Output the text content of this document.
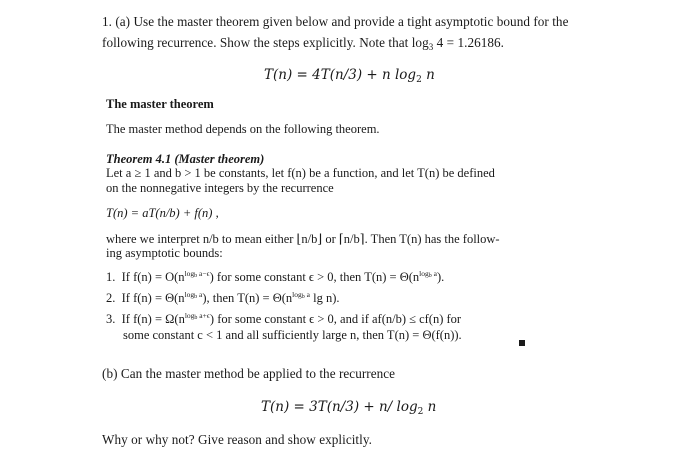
1. (a) Use the master theorem given below and provide a tight asymptotic bound for the
following recurrence. Show the steps explicitly. Note that $\log_3 4 = 1.26186$.
T(n) = 4T(n/3) + n $\log_2 n$
The master theorem
The master method depends on the following theorem.
Theorem 4.1 (Master theorem)
Let a ≥ 1 and b > 1 be constants, let f(n) be a function, and let T(n) be defined
on the nonnegative integers by the recurrence
T(n) = aT(n/b) + f(n) ,
where we interpret n/b to mean either ⌊n/b⌋ or ⌈n/b⌉. Then T(n) has the follow-
ing asymptotic bounds:
1. If $f(n) = O(n^{log_b a-\epsilon})$ for some constant ϵ > 0, then $T(n) = \Theta(n^{log_b a})$.
2. If $f(n) = \Theta(n^{log_b a})$, then $T(n) = \Theta(n^{log_b a}$ lg n).
3. If $f(n) = \Omega(n^{log_b a+\epsilon})$ for some constant ϵ > 0, and if af(n/b) ≤ cf(n) for
some constant c < 1 and all sufficiently large n, then T(n) = Θ(f(n)).
(b) Can the master method be applied to the recurrence
T(n) = 3T(n/3) + n/ $\log_2 n$
Why or why not? Give reason and show explicitly.
